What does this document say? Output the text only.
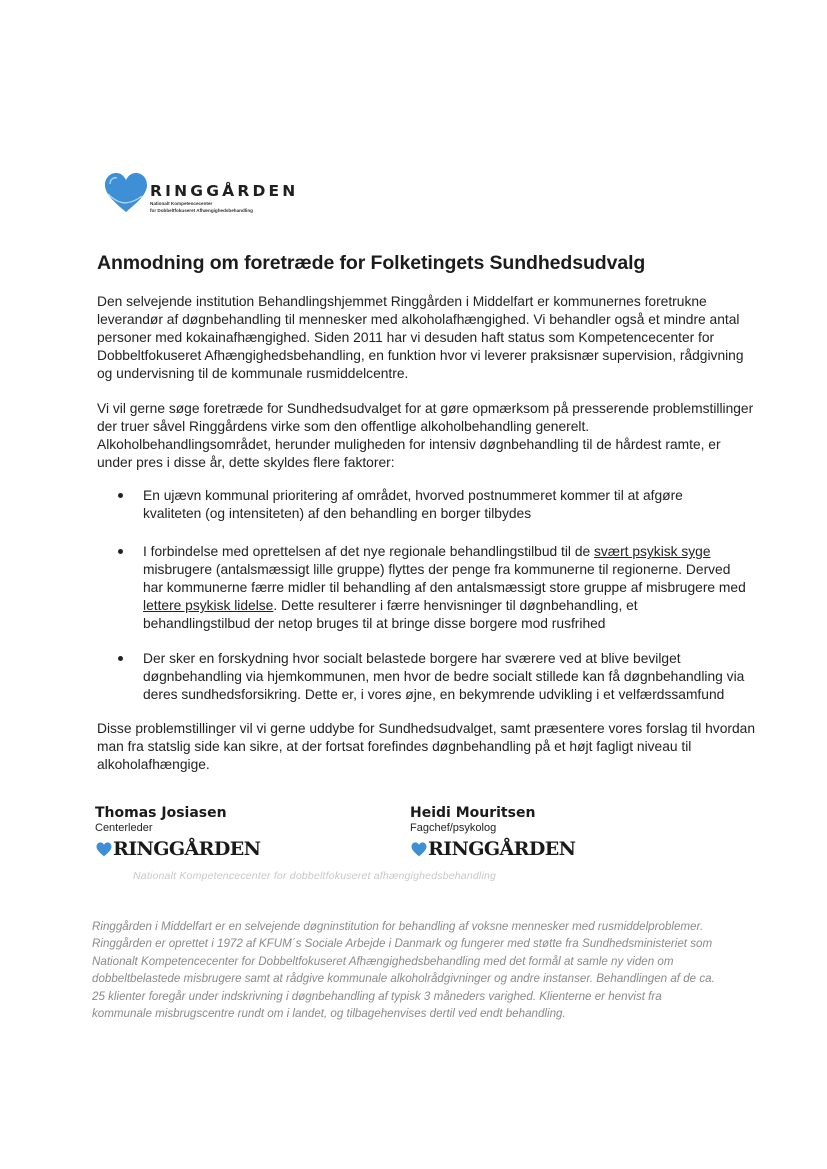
RINGGÅRDEN
Nationalt Kompetencecenter
for Dobbeltfokuseret Afhængighedsbehandling
Anmodning om foretræde for Folketingets Sundhedsudvalg
Den selvejende institution Behandlingshjemmet Ringgården i Middelfart er kommunernes foretrukne
leverandør af døgnbehandling til mennesker med alkoholafhængighed. Vi behandler også et mindre antal
personer med kokainafhængighed. Siden 2011 har vi desuden haft status som Kompetencecenter for
Dobbeltfokuseret Afhængighedsbehandling, en funktion hvor vi leverer praksisnær supervision, rådgivning
og undervisning til de kommunale rusmiddelcentre.
Vi vil gerne søge foretræde for Sundhedsudvalget for at gøre opmærksom på presserende problemstillinger
der truer såvel Ringgårdens virke som den offentlige alkoholbehandling generelt.
Alkoholbehandlingsområdet, herunder muligheden for intensiv døgnbehandling til de hårdest ramte, er
under pres i disse år, dette skyldes flere faktorer:
En ujævn kommunal prioritering af området, hvorved postnummeret kommer til at afgøre
kvaliteten (og intensiteten) af den behandling en borger tilbydes
I forbindelse med oprettelsen af det nye regionale behandlingstilbud til de svært psykisk syge
misbrugere (antalsmæssigt lille gruppe) flyttes der penge fra kommunerne til regionerne. Derved
har kommunerne færre midler til behandling af den antalsmæssigt store gruppe af misbrugere med
lettere psykisk lidelse. Dette resulterer i færre henvisninger til døgnbehandling, et
behandlingstilbud der netop bruges til at bringe disse borgere mod rusfrihed
Der sker en forskydning hvor socialt belastede borgere har sværere ved at blive bevilget
døgnbehandling via hjemkommunen, men hvor de bedre socialt stillede kan få døgnbehandling via
deres sundhedsforsikring. Dette er, i vores øjne, en bekymrende udvikling i et velfærdssamfund
Disse problemstillinger vil vi gerne uddybe for Sundhedsudvalget, samt præsentere vores forslag til hvordan
man fra statslig side kan sikre, at der fortsat forefindes døgnbehandling på et højt fagligt niveau til
alkoholafhængige.
Thomas Josiasen
Centerleder
RINGGÅRDEN
Heidi Mouritsen
Fagchef/psykolog
RINGGÅRDEN
Nationalt Kompetencecenter for dobbeltfokuseret afhængighedsbehandling
Ringgården i Middelfart er en selvejende døgninstitution for behandling af voksne mennesker med rusmiddelproblemer.
Ringgården er oprettet i 1972 af KFUM´s Sociale Arbejde i Danmark og fungerer med støtte fra Sundhedsministeriet som
Nationalt Kompetencecenter for Dobbeltfokuseret Afhængighedsbehandling med det formål at samle ny viden om
dobbeltbelastede misbrugere samt at rådgive kommunale alkoholrådgivninger og andre instanser. Behandlingen af de ca.
25 klienter foregår under indskrivning i døgnbehandling af typisk 3 måneders varighed. Klienterne er henvist fra
kommunale misbrugscentre rundt om i landet, og tilbagehenvises dertil ved endt behandling.
